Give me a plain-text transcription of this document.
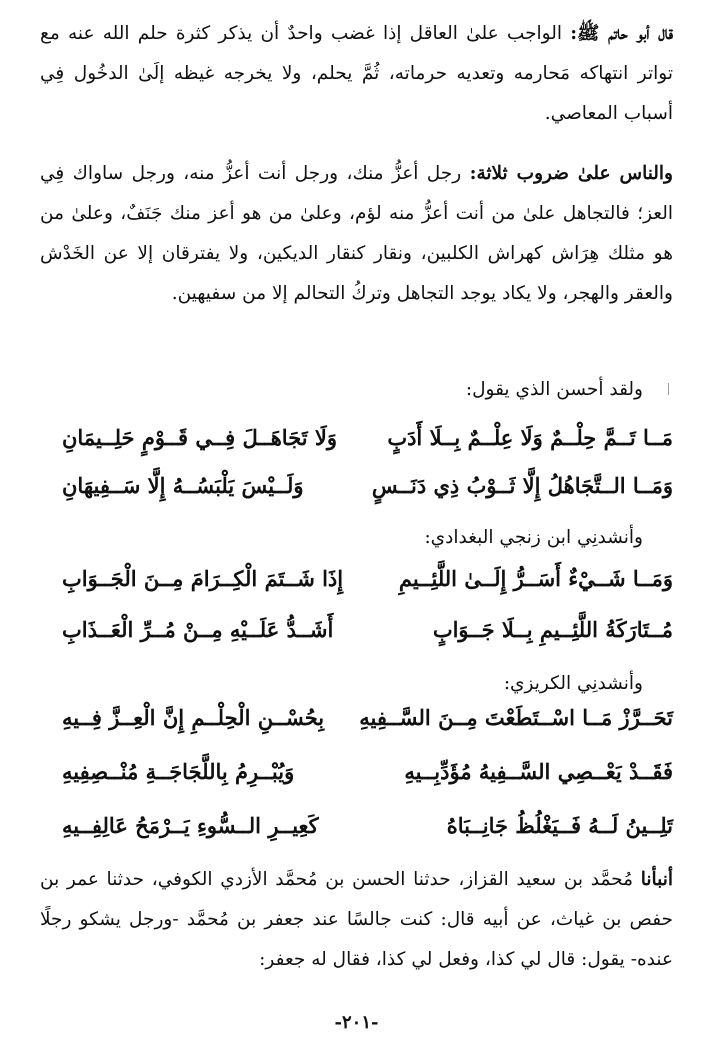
قال أبو حاتم ﷺ: الواجب علىٰ العاقل إذا غضب واحدٌ أن يذكر كثرة حلم الله عنه مع تواتر انتهاكه مَحارمه وتعديه حرماته، ثُمَّ يحلم، ولا يخرجه غيظه إلَىٰ الدخُول فِي أسباب المعاصي.

والناس علىٰ ضروب ثلاثة: رجل أعزُّ منك، ورجل أنت أعزُّ منه، ورجل ساواك فِي العز؛ فالتجاهل علىٰ من أنت أعزُّ منه لؤم، وعلىٰ من هو أعز منك جَنَفٌ، وعلىٰ من هو مثلك هِرَاش كهراش الكلبين، ونقار كنقار الديكين، ولا يفترقان إلا عن الخَدْش والعقر والهجر، ولا يكاد يوجد التجاهل وتركُ التحالم إلا من سفيهين.

ولقد أحسن الذي يقول:

مَــا تَــمَّ حِلْــمٌ وَلَا عِلْــمٌ بِــلَا أَدَبٍ
وَلَا تَجَاهَــلَ فِــي قَــوْمٍ حَلِــيمَانِ
وَمَــا الــتَّجَاهُلُ إِلَّا ثَــوْبُ ذِي دَنَــسٍ
وَلَــيْسَ يَلْبَسُــهُ إِلَّا سَــفِيهَانِ

وأنشدنِي ابن زنجي البغدادي:

وَمَــا شَــيْءٌ أَسَــرُّ إِلَــىٰ اللَّئِــيمِ
إِذَا شَــتَمَ الْكِــرَامَ مِــنَ الْجَــوَابِ
مُــتَارَكَةُ اللَّئِــيمِ بِــلَا جَــوَابٍ
أَشَــدُّ عَلَــيْهِ مِــنْ مُــرِّ الْعَــذَابِ

وأنشدنِي الكريزي:

تَحَــرَّزْ مَــا اسْــتَطَعْتَ مِــنَ السَّــفِيهِ
بِحُسْــنِ الْحِلْــمِ إِنَّ الْعِــزَّ فِــيهِ
فَقَــدْ يَعْــصِي السَّــفِيهُ مُؤَدِّبِــيهِ
وَيُبْــرِمُ بِاللَّجَاجَــةِ مُنْــصِفِيهِ
تَلِــينُ لَــهُ فَــيَغْلُظُ جَانِــبَاهُ
كَعِيــرِ الــسُّوءِ يَــرْمَحُ عَالِفِــيهِ

أنبأنا مُحمَّد بن سعيد القزاز، حدثنا الحسن بن مُحمَّد الأزدي الكوفي، حدثنا عمر بن حفص بن غياث، عن أبيه قال: كنت جالسًا عند جعفر بن مُحمَّد -ورجل يشكو رجلًا عنده- يقول: قال لي كذا، وفعل لي كذا، فقال له جعفر:

-٢٠١-
